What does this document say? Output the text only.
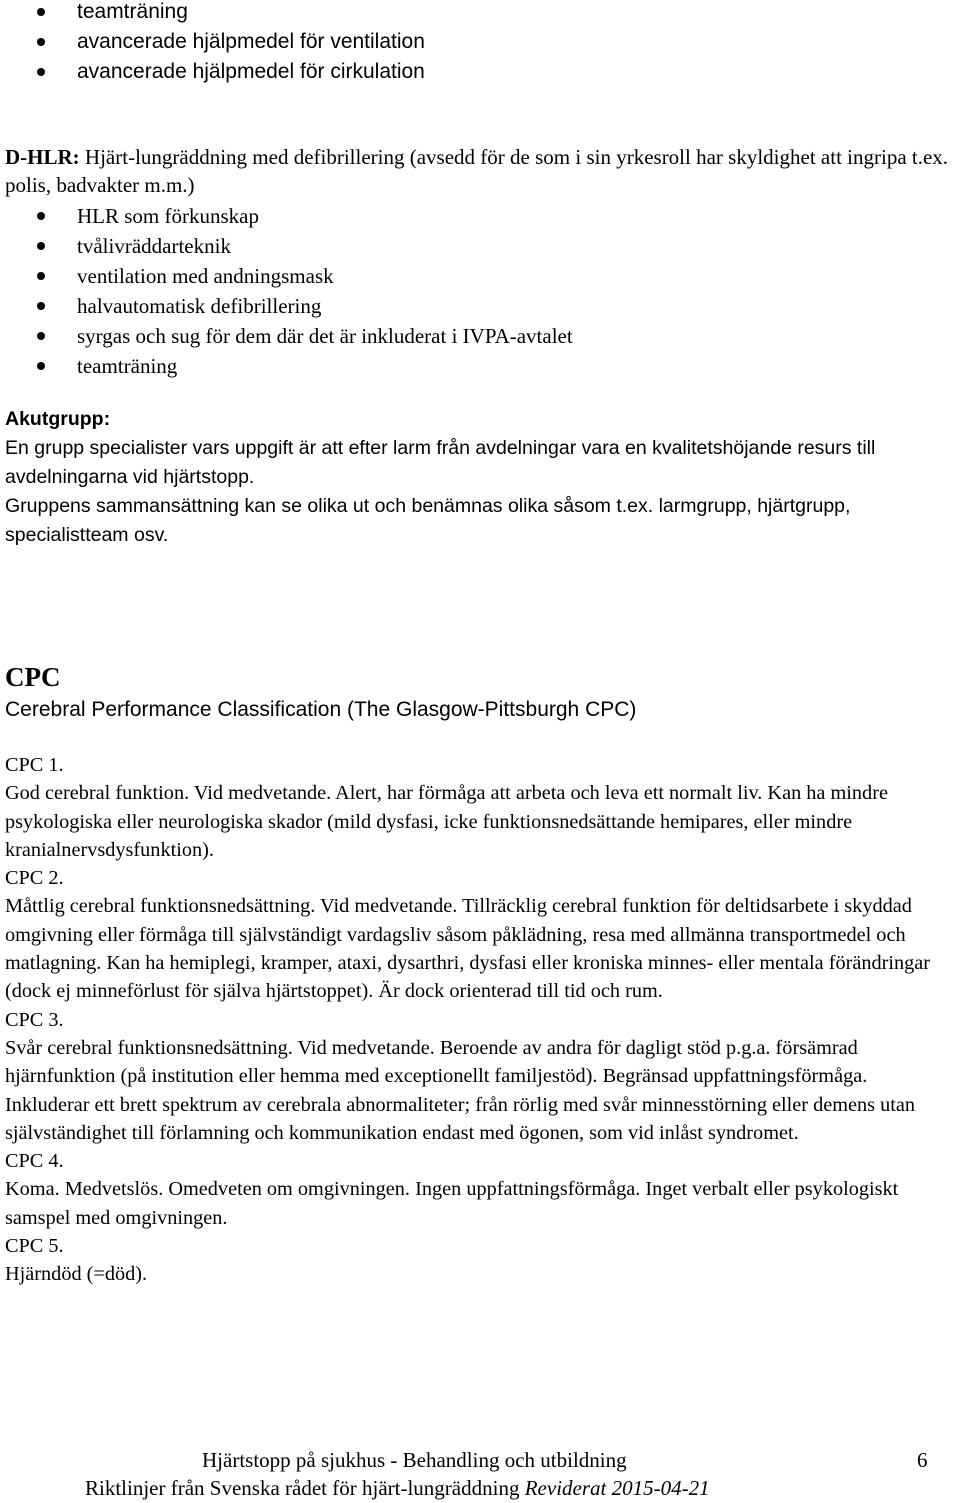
teamträning
avancerade hjälpmedel för ventilation
avancerade hjälpmedel för cirkulation
D-HLR: Hjärt-lungräddning med defibrillering (avsedd för de som i sin yrkesroll har skyldighet att ingripa t.ex. polis, badvakter m.m.)
HLR som förkunskap
tvålivräddarteknik
ventilation med andningsmask
halvautomatisk defibrillering
syrgas och sug för dem där det är inkluderat i IVPA-avtalet
teamträning
Akutgrupp:
En grupp specialister vars uppgift är att efter larm från avdelningar vara en kvalitetshöjande resurs till avdelningarna vid hjärtstopp.
Gruppens sammansättning kan se olika ut och benämnas olika såsom t.ex. larmgrupp, hjärtgrupp, specialistteam osv.
CPC
Cerebral Performance Classification (The Glasgow-Pittsburgh CPC)

CPC 1.

God cerebral funktion. Vid medvetande. Alert, har förmåga att arbeta och leva ett normalt liv. Kan ha mindre psykologiska eller neurologiska skador (mild dysfasi, icke funktionsnedsättande hemipares, eller mindre kranialnervsdysfunktion).

CPC 2.

Måttlig cerebral funktionsnedsättning. Vid medvetande. Tillräcklig cerebral funktion för deltidsarbete i skyddad omgivning eller förmåga till självständigt vardagsliv såsom påklädning, resa med allmänna transportmedel och matlagning. Kan ha hemiplegi, kramper, ataxi, dysarthri, dysfasi eller kroniska minnes- eller mentala förändringar (dock ej minneförlust för själva hjärtstoppet). Är dock orienterad till tid och rum.

CPC 3.

Svår cerebral funktionsnedsättning. Vid medvetande. Beroende av andra för dagligt stöd p.g.a. försämrad hjärnfunktion (på institution eller hemma med exceptionellt familjestöd). Begränsad uppfattningsförmåga. Inkluderar ett brett spektrum av cerebrala abnormaliteter; från rörlig med svår minnesstörning eller demens utan självständighet till förlamning och kommunikation endast med ögonen, som vid inlåst syndromet.

CPC 4.

Koma. Medvetslös. Omedveten om omgivningen. Ingen uppfattningsförmåga. Inget verbalt eller psykologiskt samspel med omgivningen.

CPC 5.

Hjärndöd (=död).

Hjärtstopp på sjukhus - Behandling och utbildning	6
Riktlinjer från Svenska rådet för hjärt-lungräddning Reviderat 2015-04-21
